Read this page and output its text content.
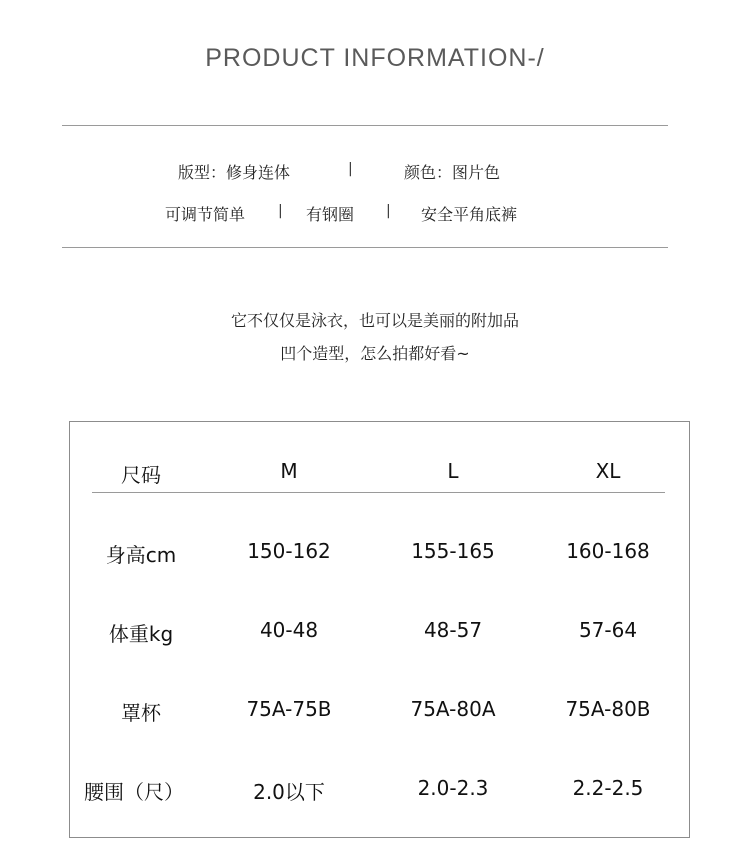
PRODUCT INFORMATION-/
版型：修身连体	|	颜色：图片色
可调节简单 | 有钢圈 | 安全平角底裤
它不仅仅是泳衣，也可以是美丽的附加品
凹个造型，怎么拍都好看~
尺码	M	L	XL
身高cm	150-162	155-165	160-168
体重kg	40-48	48-57	57-64
罩杯	75A-75B	75A-80A	75A-80B
腰围（尺）	2.0以下	2.0-2.3	2.2-2.5
